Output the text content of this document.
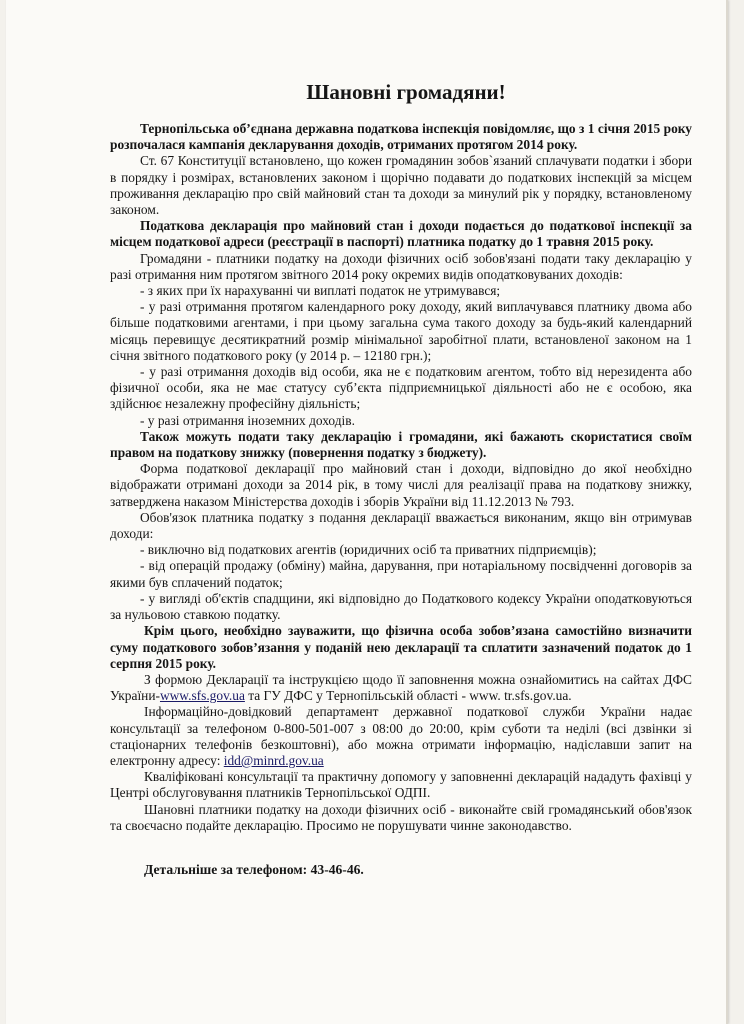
Шановні громадяни!

Тернопільська об’єднана державна податкова інспекція повідомляє, що з 1 січня 2015 року розпочалася кампанія декларування доходів, отриманих протягом 2014 року.

Ст. 67 Конституції встановлено, що кожен громадянин зобов`язаний сплачувати податки і збори в порядку і розмірах, встановлених законом і щорічно подавати до податкових інспекцій за місцем проживання декларацію про свій майновий стан та доходи за минулий рік у порядку, встановленому законом.

Податкова декларація про майновий стан і доходи подається до податкової інспекції за місцем податкової адреси (реєстрації в паспорті) платника податку до 1 травня 2015 року.

Громадяни - платники податку на доходи фізичних осіб зобов'язані подати таку декларацію у разі отримання ним протягом звітного 2014 року окремих видів оподатковуваних доходів:

- з яких при їх нарахуванні чи виплаті податок не утримувався;

- у разі отримання протягом календарного року доходу, який виплачувався платнику двома або більше податковими агентами, і при цьому загальна сума такого доходу за будь-який календарний місяць перевищує десятикратний розмір мінімальної заробітної плати, встановленої законом на 1 січня звітного податкового року (у 2014 р. – 12180 грн.);

- у разі отримання доходів від особи, яка не є податковим агентом, тобто від нерезидента або фізичної особи, яка не має статусу суб’єкта підприємницької діяльності або не є особою, яка здійснює незалежну професійну діяльність;

- у разі отримання іноземних доходів.

Також можуть подати таку декларацію і громадяни, які бажають скористатися своїм правом на податкову знижку (повернення податку з бюджету).

Форма податкової декларації про майновий стан і доходи, відповідно до якої необхідно відображати отримані доходи за 2014 рік, в тому числі для реалізації права на податкову знижку, затверджена наказом Міністерства доходів і зборів України від 11.12.2013 № 793.

Обов'язок платника податку з подання декларації вважається виконаним, якщо він отримував доходи:

- виключно від податкових агентів (юридичних осіб та приватних підприємців);

- від операцій продажу (обміну) майна, дарування, при нотаріальному посвідченні договорів за якими був сплачений податок;

- у вигляді об'єктів спадщини, які відповідно до Податкового кодексу України оподатковуються за нульовою ставкою податку.

Крім цього, необхідно зауважити, що фізична особа зобов’язана самостійно визначити суму податкового зобов’язання у поданій нею декларації та сплатити зазначений податок до 1 серпня 2015 року.

З формою Декларації та інструкцією щодо її заповнення можна ознайомитись на сайтах ДФС України-www.sfs.gov.ua та ГУ ДФС у Тернопільській області - www. tr.sfs.gov.ua.

Інформаційно-довідковий департамент державної податкової служби України надає консультації за телефоном 0-800-501-007 з 08:00 до 20:00, крім суботи та неділі (всі дзвінки зі стаціонарних телефонів безкоштовні), або можна отримати інформацію, надіславши запит на електронну адресу: idd@minrd.gov.ua

Кваліфіковані консультації та практичну допомогу у заповненні декларацій нададуть фахівці у Центрі обслуговування платників Тернопільської ОДПІ.

Шановні платники податку на доходи фізичних осіб - виконайте свій громадянський обов'язок та своєчасно подайте декларацію. Просимо не порушувати чинне законодавство.

Детальніше за телефоном: 43-46-46.
